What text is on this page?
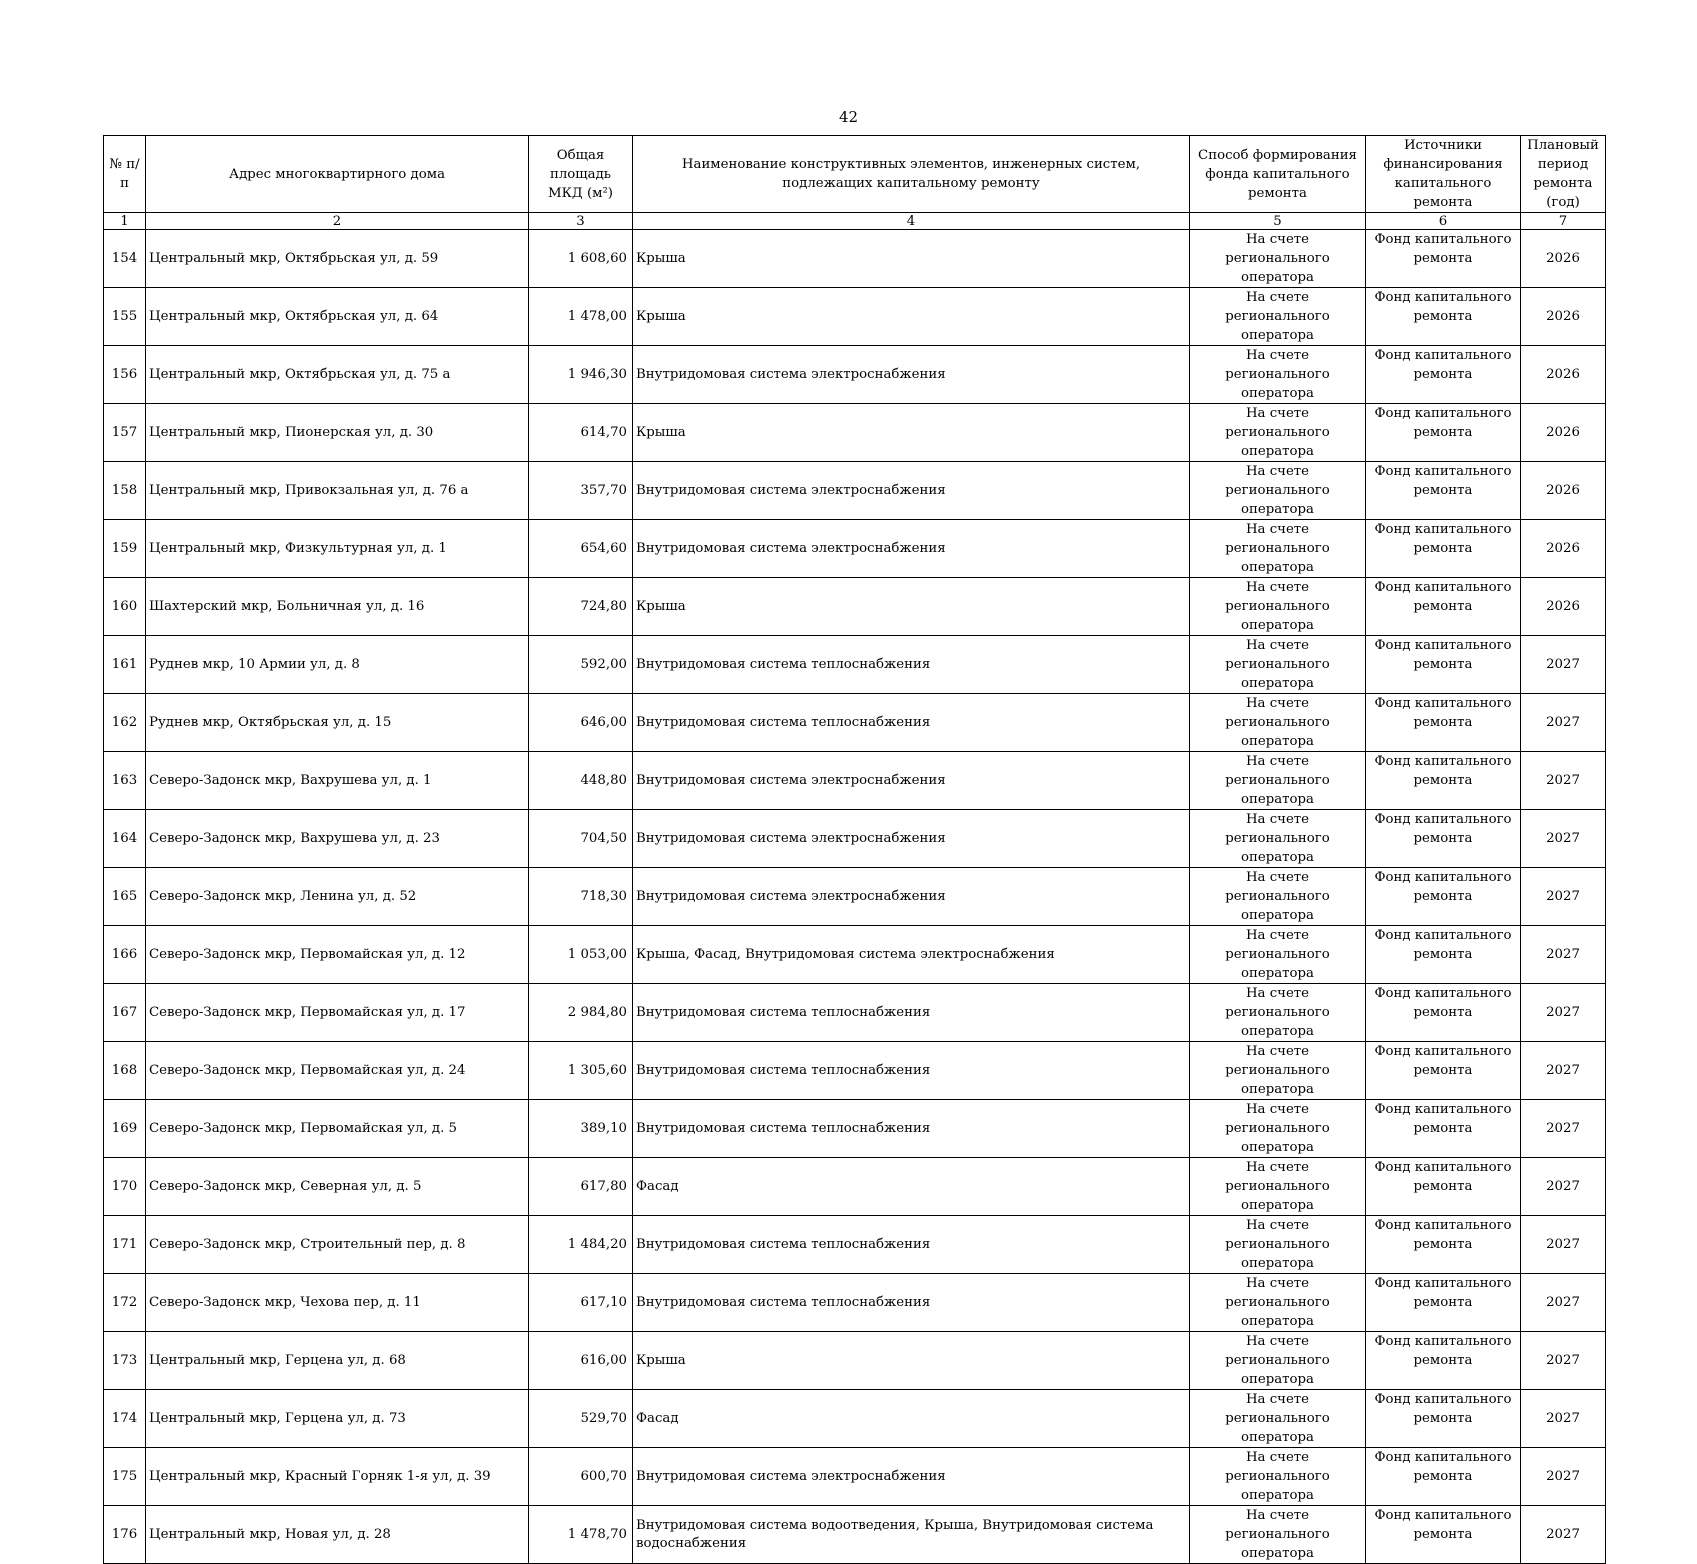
42
№ п/п	Адрес многоквартирного дома	Общая площадь МКД (м²)	Наименование конструктивных элементов, инженерных систем, подлежащих капитальному ремонту	Способ формирования фонда капитального ремонта	Источники финансирования капитального ремонта	Плановый период ремонта (год)
1	2	3	4	5	6	7
154	Центральный мкр, Октябрьская ул, д. 59	1 608,60	Крыша	На счете регионального оператора	Фонд капитального ремонта	2026
155	Центральный мкр, Октябрьская ул, д. 64	1 478,00	Крыша	На счете регионального оператора	Фонд капитального ремонта	2026
156	Центральный мкр, Октябрьская ул, д. 75 а	1 946,30	Внутридомовая система электроснабжения	На счете регионального оператора	Фонд капитального ремонта	2026
157	Центральный мкр, Пионерская ул, д. 30	614,70	Крыша	На счете регионального оператора	Фонд капитального ремонта	2026
158	Центральный мкр, Привокзальная ул, д. 76 а	357,70	Внутридомовая система электроснабжения	На счете регионального оператора	Фонд капитального ремонта	2026
159	Центральный мкр, Физкультурная ул, д. 1	654,60	Внутридомовая система электроснабжения	На счете регионального оператора	Фонд капитального ремонта	2026
160	Шахтерский мкр, Больничная ул, д. 16	724,80	Крыша	На счете регионального оператора	Фонд капитального ремонта	2026
161	Руднев мкр, 10 Армии ул, д. 8	592,00	Внутридомовая система теплоснабжения	На счете регионального оператора	Фонд капитального ремонта	2027
162	Руднев мкр, Октябрьская ул, д. 15	646,00	Внутридомовая система теплоснабжения	На счете регионального оператора	Фонд капитального ремонта	2027
163	Северо-Задонск мкр, Вахрушева ул, д. 1	448,80	Внутридомовая система электроснабжения	На счете регионального оператора	Фонд капитального ремонта	2027
164	Северо-Задонск мкр, Вахрушева ул, д. 23	704,50	Внутридомовая система электроснабжения	На счете регионального оператора	Фонд капитального ремонта	2027
165	Северо-Задонск мкр, Ленина ул, д. 52	718,30	Внутридомовая система электроснабжения	На счете регионального оператора	Фонд капитального ремонта	2027
166	Северо-Задонск мкр, Первомайская ул, д. 12	1 053,00	Крыша, Фасад, Внутридомовая система электроснабжения	На счете регионального оператора	Фонд капитального ремонта	2027
167	Северо-Задонск мкр, Первомайская ул, д. 17	2 984,80	Внутридомовая система теплоснабжения	На счете регионального оператора	Фонд капитального ремонта	2027
168	Северо-Задонск мкр, Первомайская ул, д. 24	1 305,60	Внутридомовая система теплоснабжения	На счете регионального оператора	Фонд капитального ремонта	2027
169	Северо-Задонск мкр, Первомайская ул, д. 5	389,10	Внутридомовая система теплоснабжения	На счете регионального оператора	Фонд капитального ремонта	2027
170	Северо-Задонск мкр, Северная ул, д. 5	617,80	Фасад	На счете регионального оператора	Фонд капитального ремонта	2027
171	Северо-Задонск мкр, Строительный пер, д. 8	1 484,20	Внутридомовая система теплоснабжения	На счете регионального оператора	Фонд капитального ремонта	2027
172	Северо-Задонск мкр, Чехова пер, д. 11	617,10	Внутридомовая система теплоснабжения	На счете регионального оператора	Фонд капитального ремонта	2027
173	Центральный мкр, Герцена ул, д. 68	616,00	Крыша	На счете регионального оператора	Фонд капитального ремонта	2027
174	Центральный мкр, Герцена ул, д. 73	529,70	Фасад	На счете регионального оператора	Фонд капитального ремонта	2027
175	Центральный мкр, Красный Горняк 1-я ул, д. 39	600,70	Внутридомовая система электроснабжения	На счете регионального оператора	Фонд капитального ремонта	2027
176	Центральный мкр, Новая ул, д. 28	1 478,70	Внутридомовая система водоотведения, Крыша, Внутридомовая система водоснабжения	На счете регионального оператора	Фонд капитального ремонта	2027
